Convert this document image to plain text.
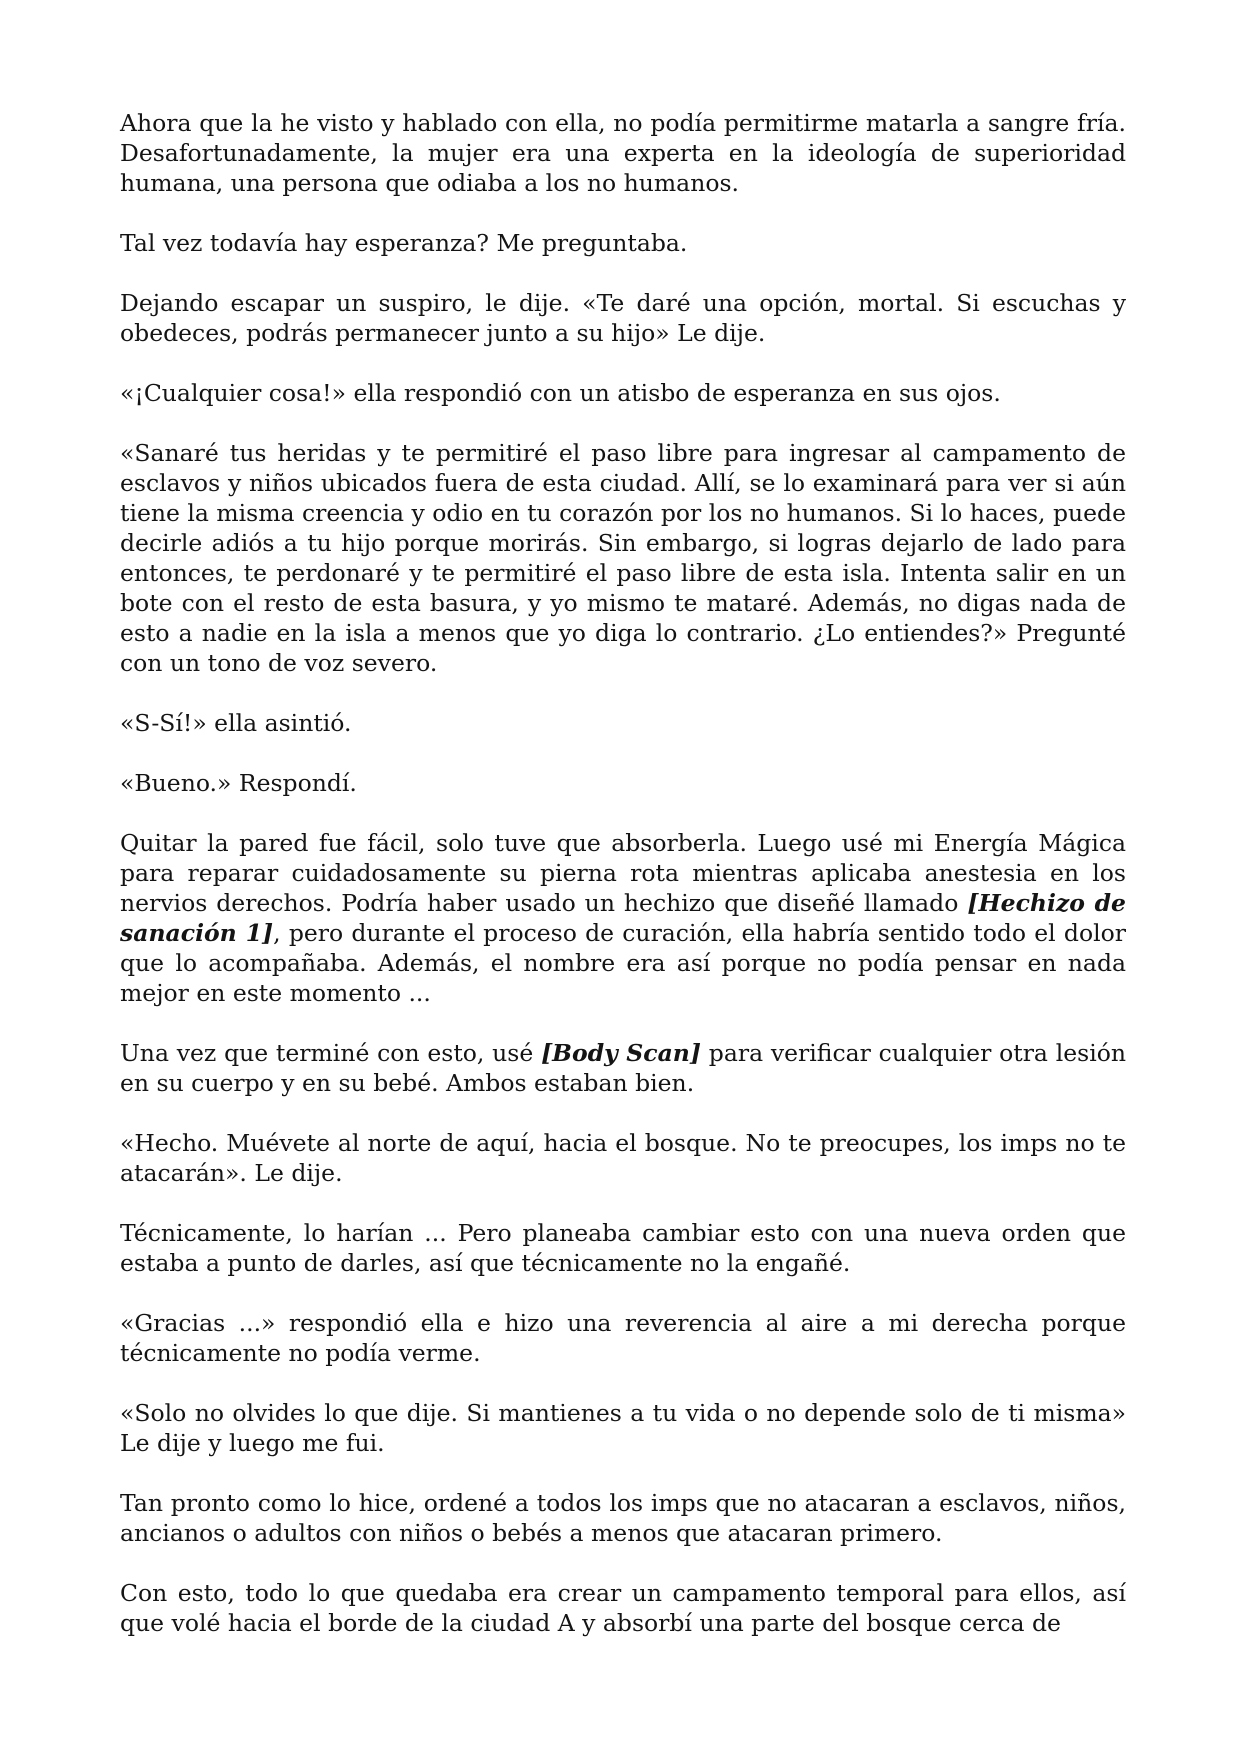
Ahora que la he visto y hablado con ella, no podía permitirme matarla a sangre fría. Desafortunadamente, la mujer era una experta en la ideología de superioridad humana, una persona que odiaba a los no humanos.

Tal vez todavía hay esperanza? Me preguntaba.

Dejando escapar un suspiro, le dije. «Te daré una opción, mortal. Si escuchas y obedeces, podrás permanecer junto a su hijo» Le dije.

«¡Cualquier cosa!» ella respondió con un atisbo de esperanza en sus ojos.

«Sanaré tus heridas y te permitiré el paso libre para ingresar al campamento de esclavos y niños ubicados fuera de esta ciudad. Allí, se lo examinará para ver si aún tiene la misma creencia y odio en tu corazón por los no humanos. Si lo haces, puede decirle adiós a tu hijo porque morirás. Sin embargo, si logras dejarlo de lado para entonces, te perdonaré y te permitiré el paso libre de esta isla. Intenta salir en un bote con el resto de esta basura, y yo mismo te mataré. Además, no digas nada de esto a nadie en la isla a menos que yo diga lo contrario. ¿Lo entiendes?» Pregunté con un tono de voz severo.

«S-Sí!» ella asintió.

«Bueno.» Respondí.

Quitar la pared fue fácil, solo tuve que absorberla. Luego usé mi Energía Mágica para reparar cuidadosamente su pierna rota mientras aplicaba anestesia en los nervios derechos. Podría haber usado un hechizo que diseñé llamado [Hechizo de sanación 1], pero durante el proceso de curación, ella habría sentido todo el dolor que lo acompañaba. Además, el nombre era así porque no podía pensar en nada mejor en este momento ...

Una vez que terminé con esto, usé [Body Scan] para verificar cualquier otra lesión en su cuerpo y en su bebé. Ambos estaban bien.

«Hecho. Muévete al norte de aquí, hacia el bosque. No te preocupes, los imps no te atacarán». Le dije.

Técnicamente, lo harían ... Pero planeaba cambiar esto con una nueva orden que estaba a punto de darles, así que técnicamente no la engañé.

«Gracias ...» respondió ella e hizo una reverencia al aire a mi derecha porque técnicamente no podía verme.

«Solo no olvides lo que dije. Si mantienes a tu vida o no depende solo de ti misma» Le dije y luego me fui.

Tan pronto como lo hice, ordené a todos los imps que no atacaran a esclavos, niños, ancianos o adultos con niños o bebés a menos que atacaran primero.

Con esto, todo lo que quedaba era crear un campamento temporal para ellos, así que volé hacia el borde de la ciudad A y absorbí una parte del bosque cerca de
